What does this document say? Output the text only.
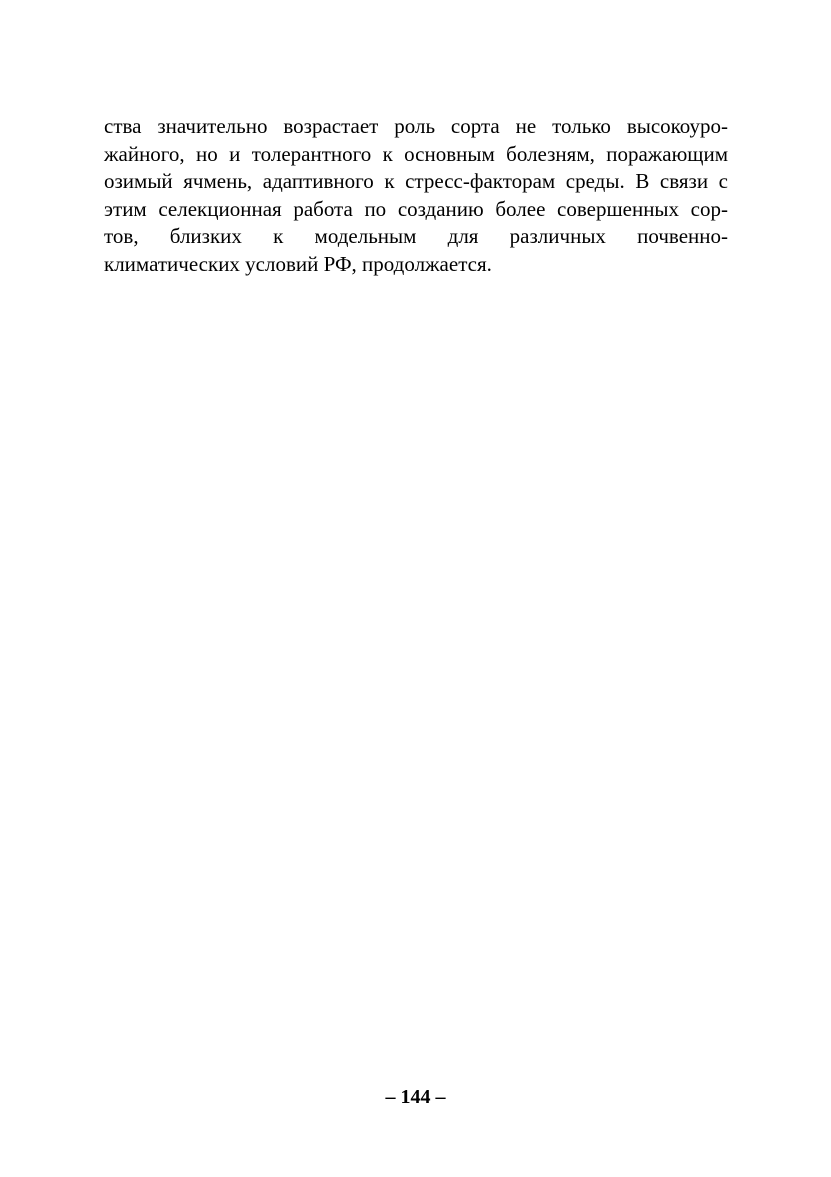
ства значительно возрастает роль сорта не только высокоуро-
жайного, но и толерантного к основным болезням, поражающим
озимый ячмень, адаптивного к стресс-факторам среды. В связи с
этим селекционная работа по созданию более совершенных сор-
тов, близких к модельным для различных почвенно-
климатических условий РФ, продолжается.
– 144 –
